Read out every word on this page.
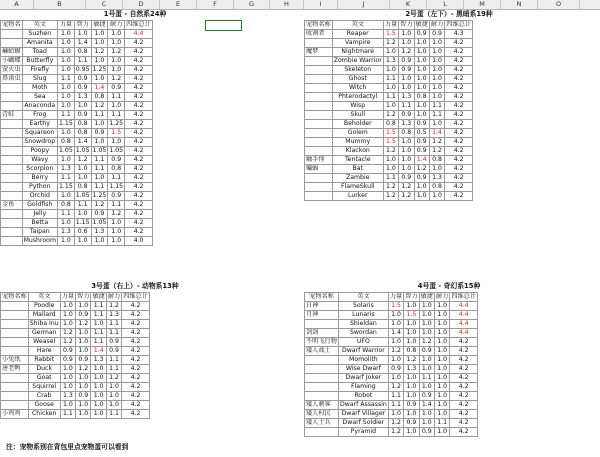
A	B	C	D	E	F	G	H	I	J	K	L	M	N	O
1号蛋 - 自然系24种
宠物名	英文	力量	智力	敏捷	耐力	四维总计
	Suzhen	1.0	1.0	1.0	1.0	4.4
	Amanita	1.0	1.4	1.0	1.0	4.2
癞蛤蟆	Toad	1.0	0.8	1.2	1.2	4.2
小蝴蝶	Butterfly	1.0	1.1	1.0	1.0	4.2
萤火虫	Firefly	1.0	0.95	1.25	1.0	4.2
鼻涕虫	Slug	1.1	0.9	1.0	1.2	4.2
	Moth	1.0	0.9	1.4	0.9	4.2
	Sea	1.0	1.3	0.8	1.1	4.2
	Anaconda	1.0	1.0	1.2	1.0	4.2
青蛙	Frog	1.1	0.9	1.1	1.1	4.2
	Earthy	1.15	0.8	1.0	1.25	4.2
	Squareon	1.0	0.8	0.9	1.5	4.2
	Snowdrop	0.8	1.4	1.0	1.0	4.2
	Poopy	1.05	1.05	1.05	1.05	4.2
	Wavy	1.0	1.2	1.1	0.9	4.2
	Scorpion	1.3	1.0	1.1	0.8	4.2
	Berry	1.1	1.0	1.0	1.1	4.2
	Python	1.15	0.8	1.1	1.15	4.2
	Orchid	1.0	1.05	1.25	0.9	4.2
金鱼	Goldfish	0.8	1.1	1.2	1.1	4.2
	Jelly	1.1	1.0	0.9	1.2	4.2
	Betta	1.0	1.15	1.05	1.0	4.2
	Taipan	1.3	0.6	1.3	1.0	4.2
	Mushroom	1.0	1.0	1.0	1.0	4.0
2号蛋（左下）- 黑暗系19种
宠物名称	英文	力量	智力	敏捷	耐力	四维总计
收割者	Reaper	1.5	1.0	0.9	0.9	4.3
	Vampire	1.2	1.0	1.0	1.0	4.2
魔梦	Nightmare	1.0	1.2	1.0	1.0	4.2
	Zombie Warrior	1.3	0.9	1.0	1.0	4.2
	Skeleton	1.0	0.9	1.0	1.0	4.2
	Ghost	1.1	1.0	1.0	1.0	4.2
	Witch	1.0	1.0	1.0	1.0	4.2
	Phterodactyl	1.1	1.3	0.8	1.0	4.2
	Wisp	1.0	1.1	1.0	1.1	4.2
	Skull	1.2	0.9	1.0	1.1	4.2
	Beholder	0.8	1.3	0.9	1.0	4.2
	Golem	1.5	0.8	0.5	1.4	4.2
	Mummy	1.5	1.0	0.9	1.2	4.2
	Klackon	1.2	1.0	0.9	1.2	4.2
触手怪	Tentacle	1.0	1.0	1.4	0.8	4.2
蝙蝠	Bat	1.0	1.0	1.2	1.0	4.2
	Zambie	1.1	0.9	0.9	1.3	4.2
	FlameSkull	1.2	1.2	1.0	0.8	4.2
	Lurker	1.2	1.2	1.0	1.0	4.2
3号蛋（右上）- 动物系13种
宠物名称	英文	力量	智力	敏捷	耐力	四维总计
	Poodle	1.0	1.0	1.1	1.2	4.2
	Mallard	1.0	0.9	1.1	1.3	4.2
	Shiba Inu	1.0	1.2	1.0	1.1	4.2
	German	1.2	1.0	1.1	1.1	4.2
	Weasel	1.2	1.0	1.1	0.9	4.2
	Hare	0.9	1.0	1.4	0.9	4.2
小兔纸	Rabbit	0.9	0.9	1.3	1.1	4.2
唐老鸭	Duck	1.0	1.2	1.0	1.1	4.2
	Goat	1.0	1.0	1.0	1.2	4.2
	Squirrel	1.0	1.0	1.0	1.0	4.2
	Crab	1.3	0.9	1.0	1.0	4.2
	Goose	1.0	1.0	1.0	1.0	4.2
小鸡鸡	Chicken	1.1	1.0	1.0	1.1	4.2
4号蛋 - 奇幻系15种
宠物名称	英文	力量	智力	敏捷	耐力	四维总计
日神	Solaris	1.5	1.0	1.0	1.0	4.4
月神	Lunaris	1.0	1.5	1.0	1.0	4.4
	Shieldan	1.0	1.0	1.0	1.0	4.4
剑剑	Swordan	1.4	1.0	1.0	1.0	4.4
不明飞行物	UFO	1.0	1.0	1.2	1.0	4.2
矮人战士	Dwarf Warrior	1.2	0.8	0.9	1.0	4.2
	Momolith	1.0	1.2	1.0	1.0	4.2
	Wise Dwarf	0.9	1.3	1.0	1.0	4.2
	Dwarf Joker	1.0	1.0	1.1	1.0	4.2
	Flaming	1.2	1.0	1.0	1.0	4.2
	Robot	1.1	1.0	0.9	1.0	4.2
矮人刺客	Dwarf Assassin	1.1	0.9	1.4	1.0	4.2
矮人村民	Dwarf Villager	1.0	1.0	1.0	1.0	4.2
矮人士兵	Dwarf Soldier	1.2	0.9	1.0	1.1	4.2
	Pyramid	1.2	1.0	0.9	1.0	4.2
注：宠物系别在背包里点宠物蛋可以看到
